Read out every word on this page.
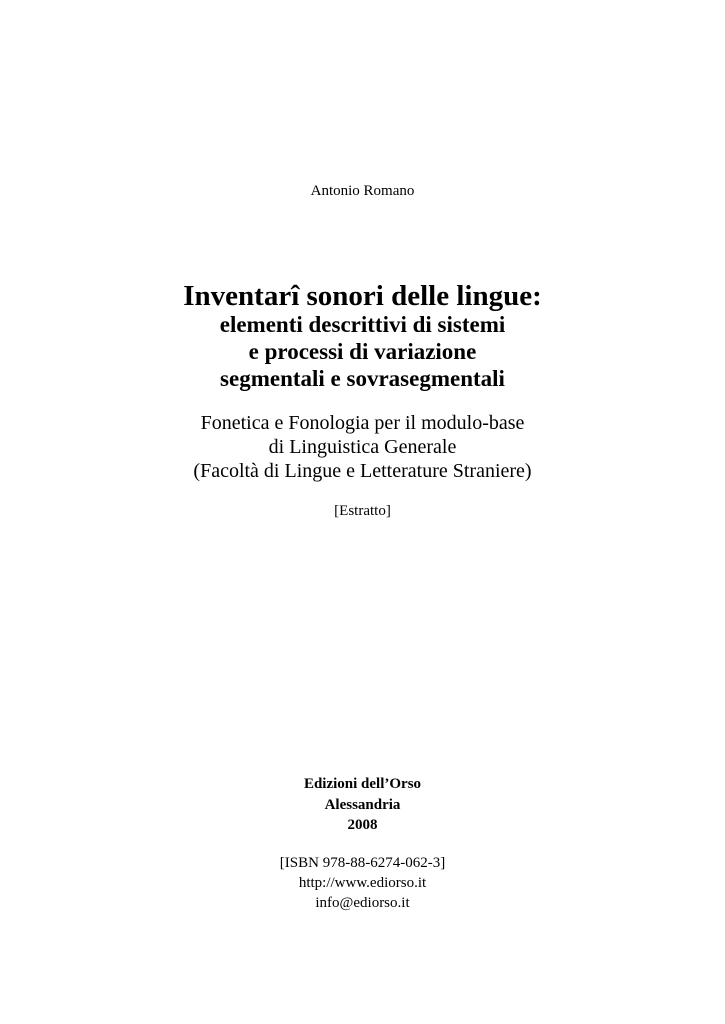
Antonio Romano
Inventarî sonori delle lingue:
elementi descrittivi di sistemi
e processi di variazione
segmentali e sovrasegmentali
Fonetica e Fonologia per il modulo-base
di Linguistica Generale
(Facoltà di Lingue e Letterature Straniere)
[Estratto]
Edizioni dell’Orso
Alessandria
2008
[ISBN 978-88-6274-062-3]
http://www.ediorso.it
info@ediorso.it
